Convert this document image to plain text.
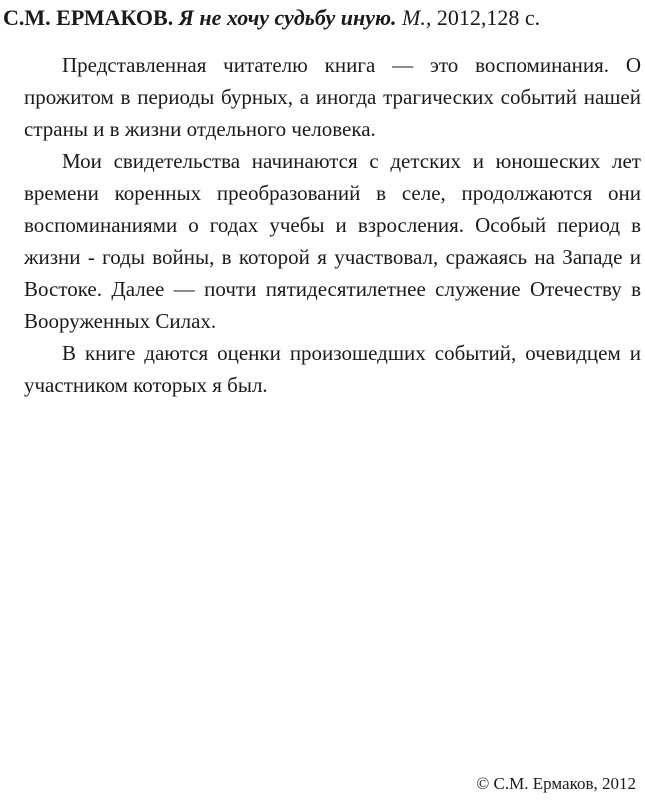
С.М. ЕРМАКОВ. Я не хочу судьбу иную. М., 2012,128 с.

Представленная читателю книга — это воспоминания. О прожитом в периоды бурных, а иногда трагических событий нашей страны и в жизни отдельного человека.

Мои свидетельства начинаются с детских и юношеских лет времени коренных преобразований в селе, продолжаются они воспоминаниями о годах учебы и взросления. Особый период в жизни - годы войны, в которой я участвовал, сражаясь на Западе и Востоке. Далее — почти пятидесятилетнее служение Отечеству в Вооруженных Силах.

В книге даются оценки произошедших событий, очевидцем и участником которых я был.

© С.М. Ермаков, 2012
